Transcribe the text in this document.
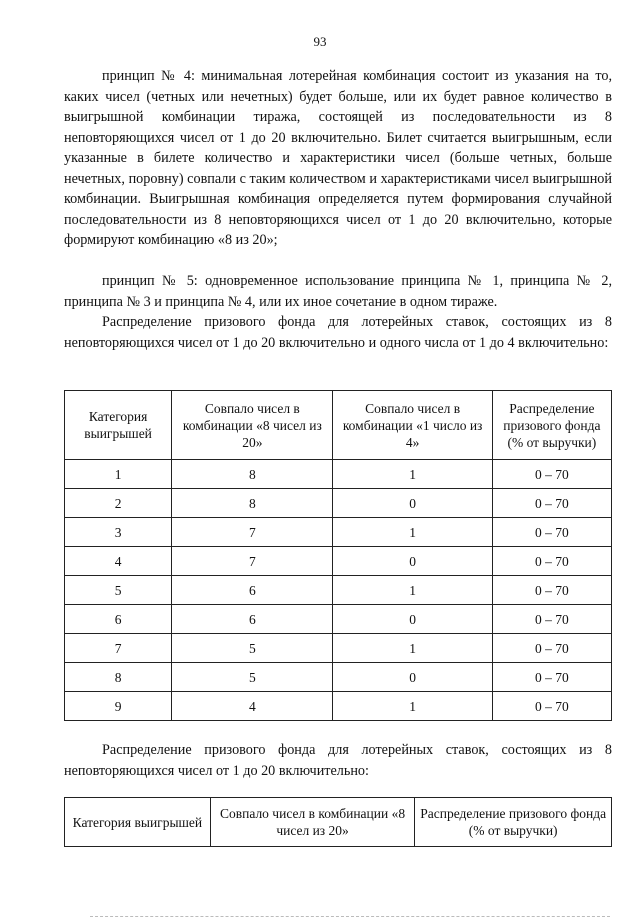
93

принцип № 4: минимальная лотерейная комбинация состоит из указания на то, каких чисел (четных или нечетных) будет больше, или их будет равное количество в выигрышной комбинации тиража, состоящей из последовательности из 8 неповторяющихся чисел от 1 до 20 включительно. Билет считается выигрышным, если указанные в билете количество и характеристики чисел (больше четных, больше нечетных, поровну) совпали с таким количеством и характеристиками чисел выигрышной комбинации. Выигрышная комбинация определяется путем формирования случайной последовательности из 8 неповторяющихся чисел от 1 до 20 включительно, которые формируют комбинацию «8 из 20»;

принцип № 5: одновременное использование принципа № 1, принципа № 2, принципа № 3 и принципа № 4, или их иное сочетание в одном тираже.

Распределение призового фонда для лотерейных ставок, состоящих из 8 неповторяющихся чисел от 1 до 20 включительно и одного числа от 1 до 4 включительно:

Категория выигрышей	Совпало чисел в комбинации «8 чисел из 20»	Совпало чисел в комбинации «1 число из 4»	Распределение призового фонда (% от выручки)
1	8	1	0 – 70
2	8	0	0 – 70
3	7	1	0 – 70
4	7	0	0 – 70
5	6	1	0 – 70
6	6	0	0 – 70
7	5	1	0 – 70
8	5	0	0 – 70
9	4	1	0 – 70

Распределение призового фонда для лотерейных ставок, состоящих из 8 неповторяющихся чисел от 1 до 20 включительно:

Категория выигрышей	Совпало чисел в комбинации «8 чисел из 20»	Распределение призового фонда (% от выручки)
